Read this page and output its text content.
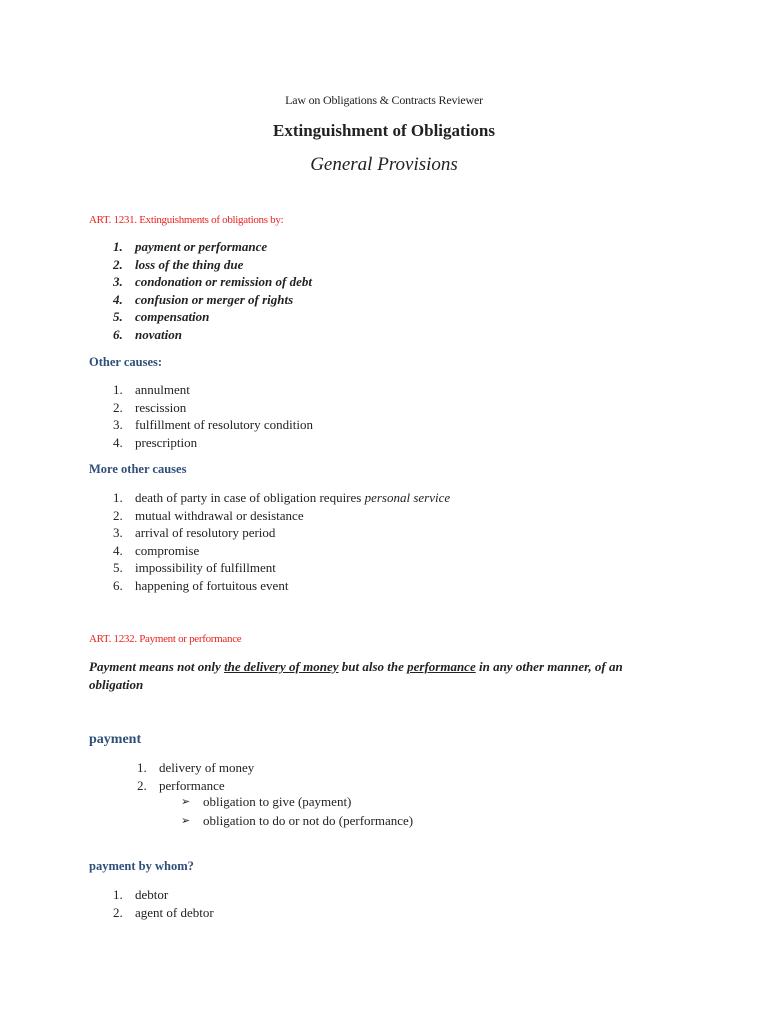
Law on Obligations & Contracts Reviewer
Extinguishment of Obligations
General Provisions
ART. 1231. Extinguishments of obligations by:
1. payment or performance
2. loss of the thing due
3. condonation or remission of debt
4. confusion or merger of rights
5. compensation
6. novation
Other causes:
1. annulment
2. rescission
3. fulfillment of resolutory condition
4. prescription
More other causes
1. death of party in case of obligation requires personal service
2. mutual withdrawal or desistance
3. arrival of resolutory period
4. compromise
5. impossibility of fulfillment
6. happening of fortuitous event
ART. 1232. Payment or performance
Payment means not only the delivery of money but also the performance in any other manner, of an
obligation
payment
1. delivery of money
2. performance
➢ obligation to give (payment)
➢ obligation to do or not do (performance)
payment by whom?
1. debtor
2. agent of debtor
